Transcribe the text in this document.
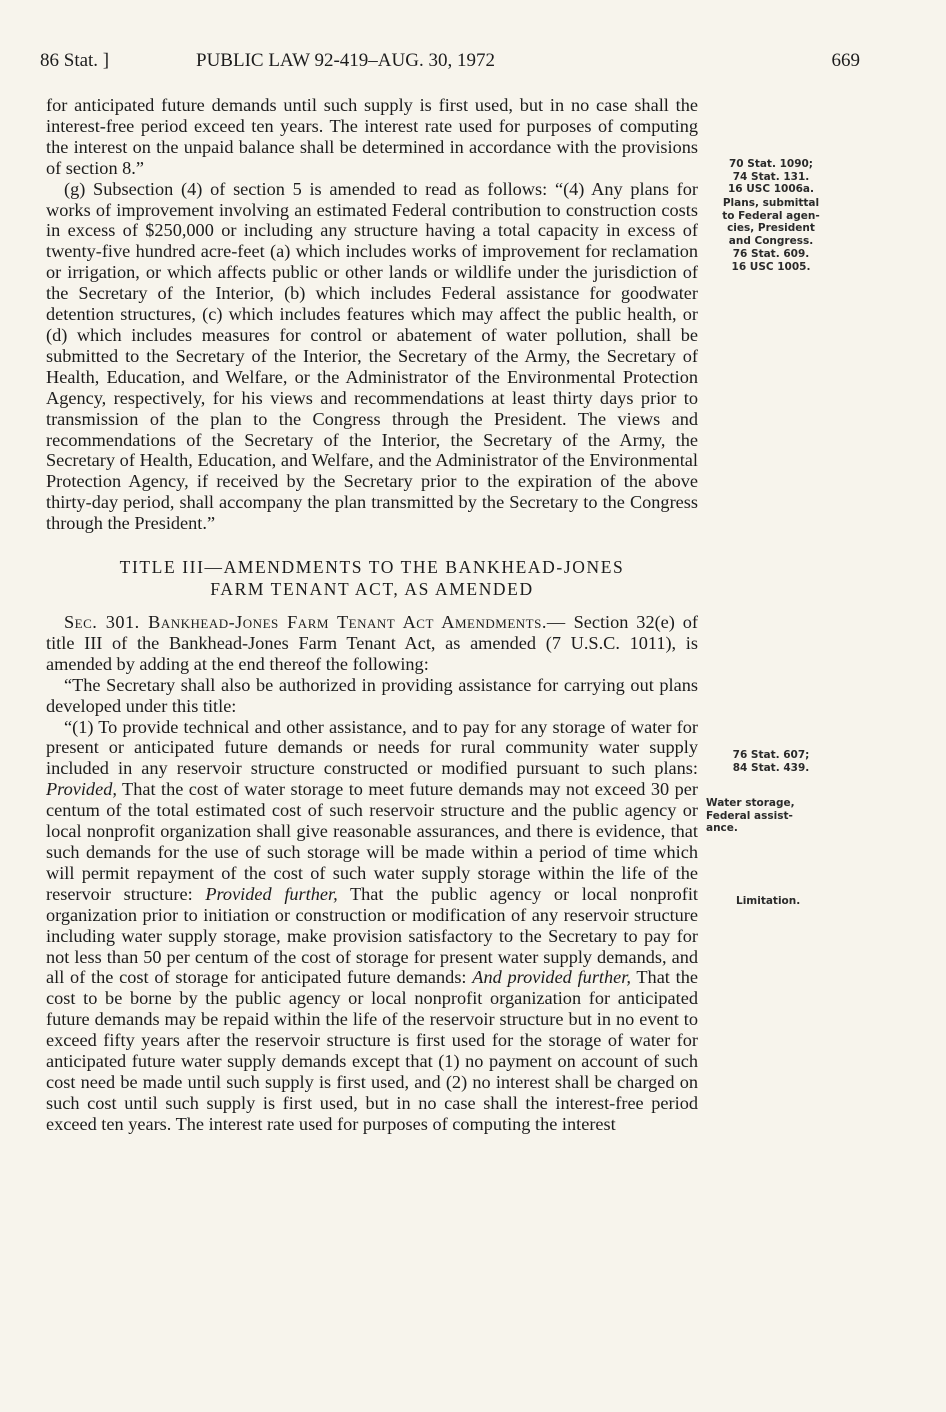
86 Stat. ]	PUBLIC LAW 92-419–AUG. 30, 1972	669

for anticipated future demands until such supply is first used, but in no case shall the interest-free period exceed ten years. The interest rate used for purposes of computing the interest on the unpaid balance shall be determined in accordance with the provisions of section 8.”

(g) Subsection (4) of section 5 is amended to read as follows: “(4) Any plans for works of improvement involving an estimated Federal contribution to construction costs in excess of $250,000 or including any structure having a total capacity in excess of twenty-five hundred acre-feet (a) which includes works of improvement for reclamation or irrigation, or which affects public or other lands or wildlife under the jurisdiction of the Secretary of the Interior, (b) which includes Federal assistance for goodwater detention structures, (c) which includes features which may affect the public health, or (d) which includes measures for control or abatement of water pollution, shall be submitted to the Secretary of the Interior, the Secretary of the Army, the Secretary of Health, Education, and Welfare, or the Administrator of the Environmental Protection Agency, respectively, for his views and recommendations at least thirty days prior to transmission of the plan to the Congress through the President. The views and recommendations of the Secretary of the Interior, the Secretary of the Army, the Secretary of Health, Education, and Welfare, and the Administrator of the Environmental Protection Agency, if received by the Secretary prior to the expiration of the above thirty-day period, shall accompany the plan transmitted by the Secretary to the Congress through the President.”

TITLE III—AMENDMENTS TO THE BANKHEAD-JONES
FARM TENANT ACT, AS AMENDED

Sec. 301. Bankhead-Jones Farm Tenant Act Amendments.— Section 32(e) of title III of the Bankhead-Jones Farm Tenant Act, as amended (7 U.S.C. 1011), is amended by adding at the end thereof the following:

“The Secretary shall also be authorized in providing assistance for carrying out plans developed under this title:

“(1) To provide technical and other assistance, and to pay for any storage of water for present or anticipated future demands or needs for rural community water supply included in any reservoir structure constructed or modified pursuant to such plans: Provided, That the cost of water storage to meet future demands may not exceed 30 per centum of the total estimated cost of such reservoir structure and the public agency or local nonprofit organization shall give reasonable assurances, and there is evidence, that such demands for the use of such storage will be made within a period of time which will permit repayment of the cost of such water supply storage within the life of the reservoir structure: Provided further, That the public agency or local nonprofit organization prior to initiation or construction or modification of any reservoir structure including water supply storage, make provision satisfactory to the Secretary to pay for not less than 50 per centum of the cost of storage for present water supply demands, and all of the cost of storage for anticipated future demands: And provided further, That the cost to be borne by the public agency or local nonprofit organization for anticipated future demands may be repaid within the life of the reservoir structure but in no event to exceed fifty years after the reservoir structure is first used for the storage of water for anticipated future water supply demands except that (1) no payment on account of such cost need be made until such supply is first used, and (2) no interest shall be charged on such cost until such supply is first used, but in no case shall the interest-free period exceed ten years. The interest rate used for purposes of computing the interest

70 Stat. 1090;
74 Stat. 131.
16 USC 1006a.
Plans, submittal
to Federal agen-
cies, President
and Congress.
76 Stat. 609.
16 USC 1005.
76 Stat. 607;
84 Stat. 439.
Water storage,
Federal assist-
ance.
Limitation.
